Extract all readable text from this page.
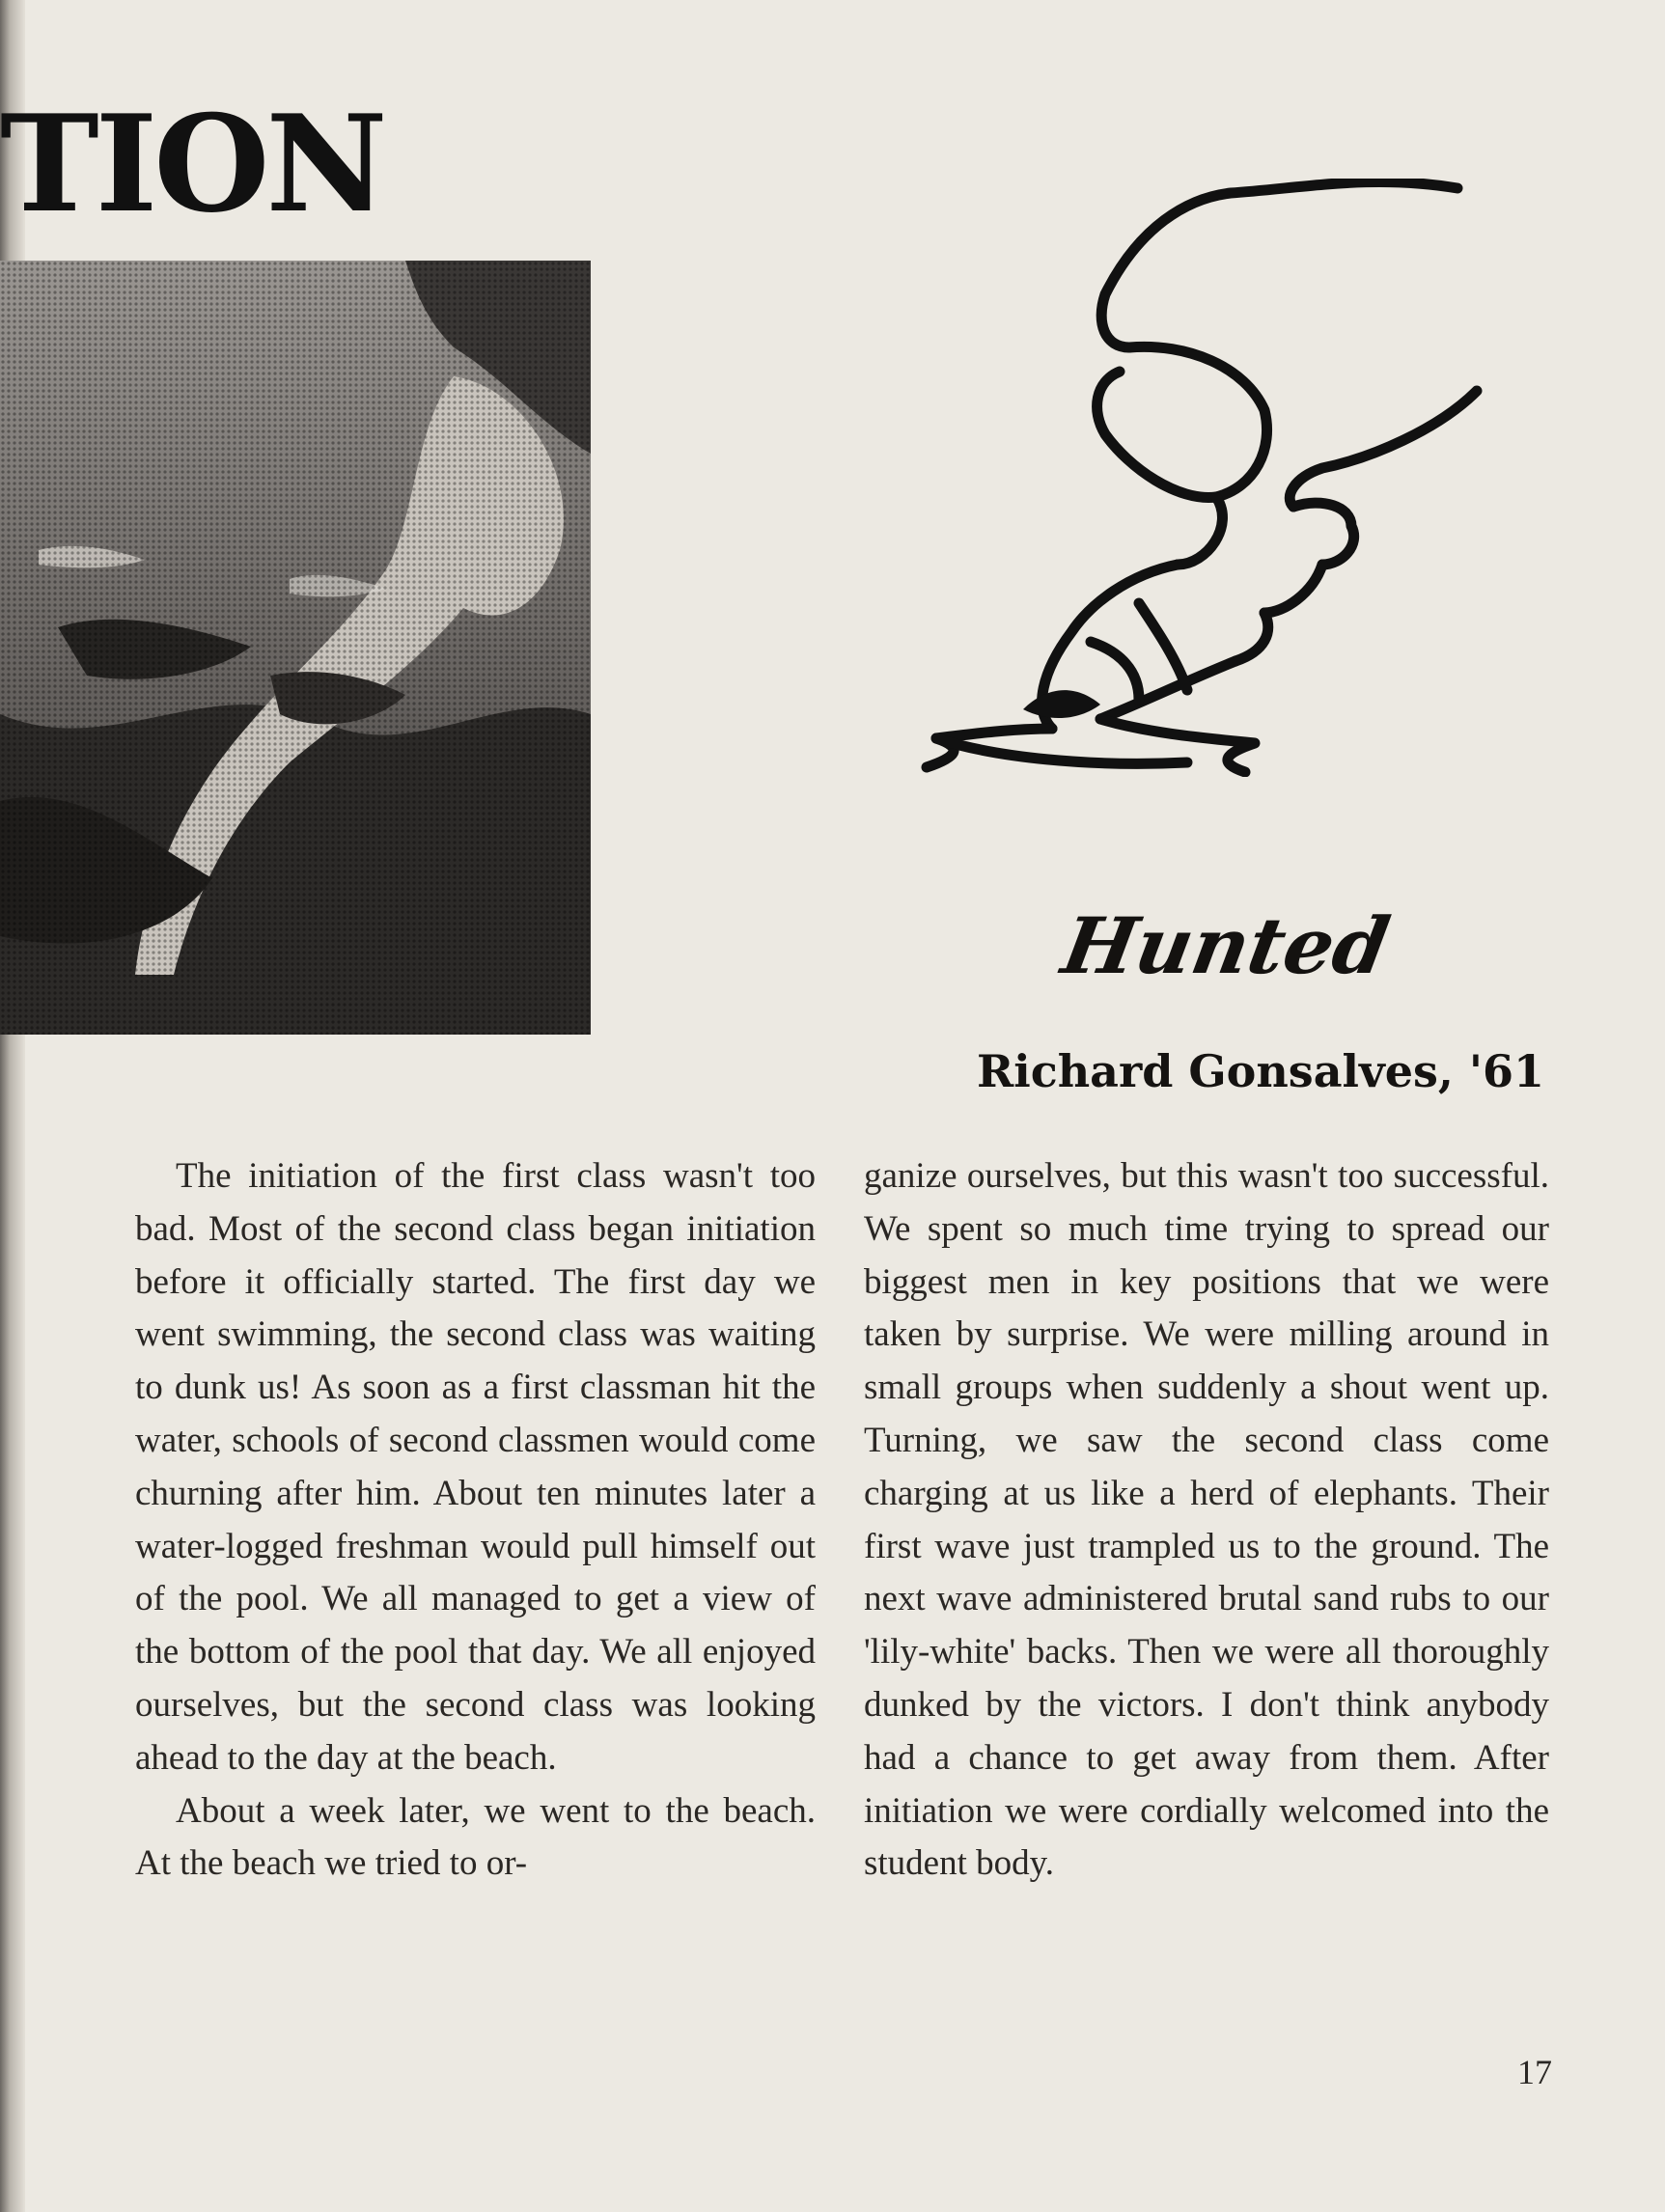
TION
Hunted
Richard Gonsalves, '61

The initiation of the first class wasn't too bad. Most of the second class began initiation before it officially started. The first day we went swimming, the second class was waiting to dunk us! As soon as a first classman hit the water, schools of second classmen would come churning after him. About ten minutes later a water-logged freshman would pull himself out of the pool. We all managed to get a view of the bottom of the pool that day. We all enjoyed ourselves, but the second class was looking ahead to the day at the beach.

About a week later, we went to the beach. At the beach we tried to or-

ganize ourselves, but this wasn't too successful. We spent so much time trying to spread our biggest men in key positions that we were taken by surprise. We were milling around in small groups when suddenly a shout went up. Turning, we saw the second class come charging at us like a herd of elephants. Their first wave just trampled us to the ground. The next wave administered brutal sand rubs to our 'lily-white' backs. Then we were all thoroughly dunked by the victors. I don't think anybody had a chance to get away from them. After initiation we were cordially welcomed into the student body.

17
